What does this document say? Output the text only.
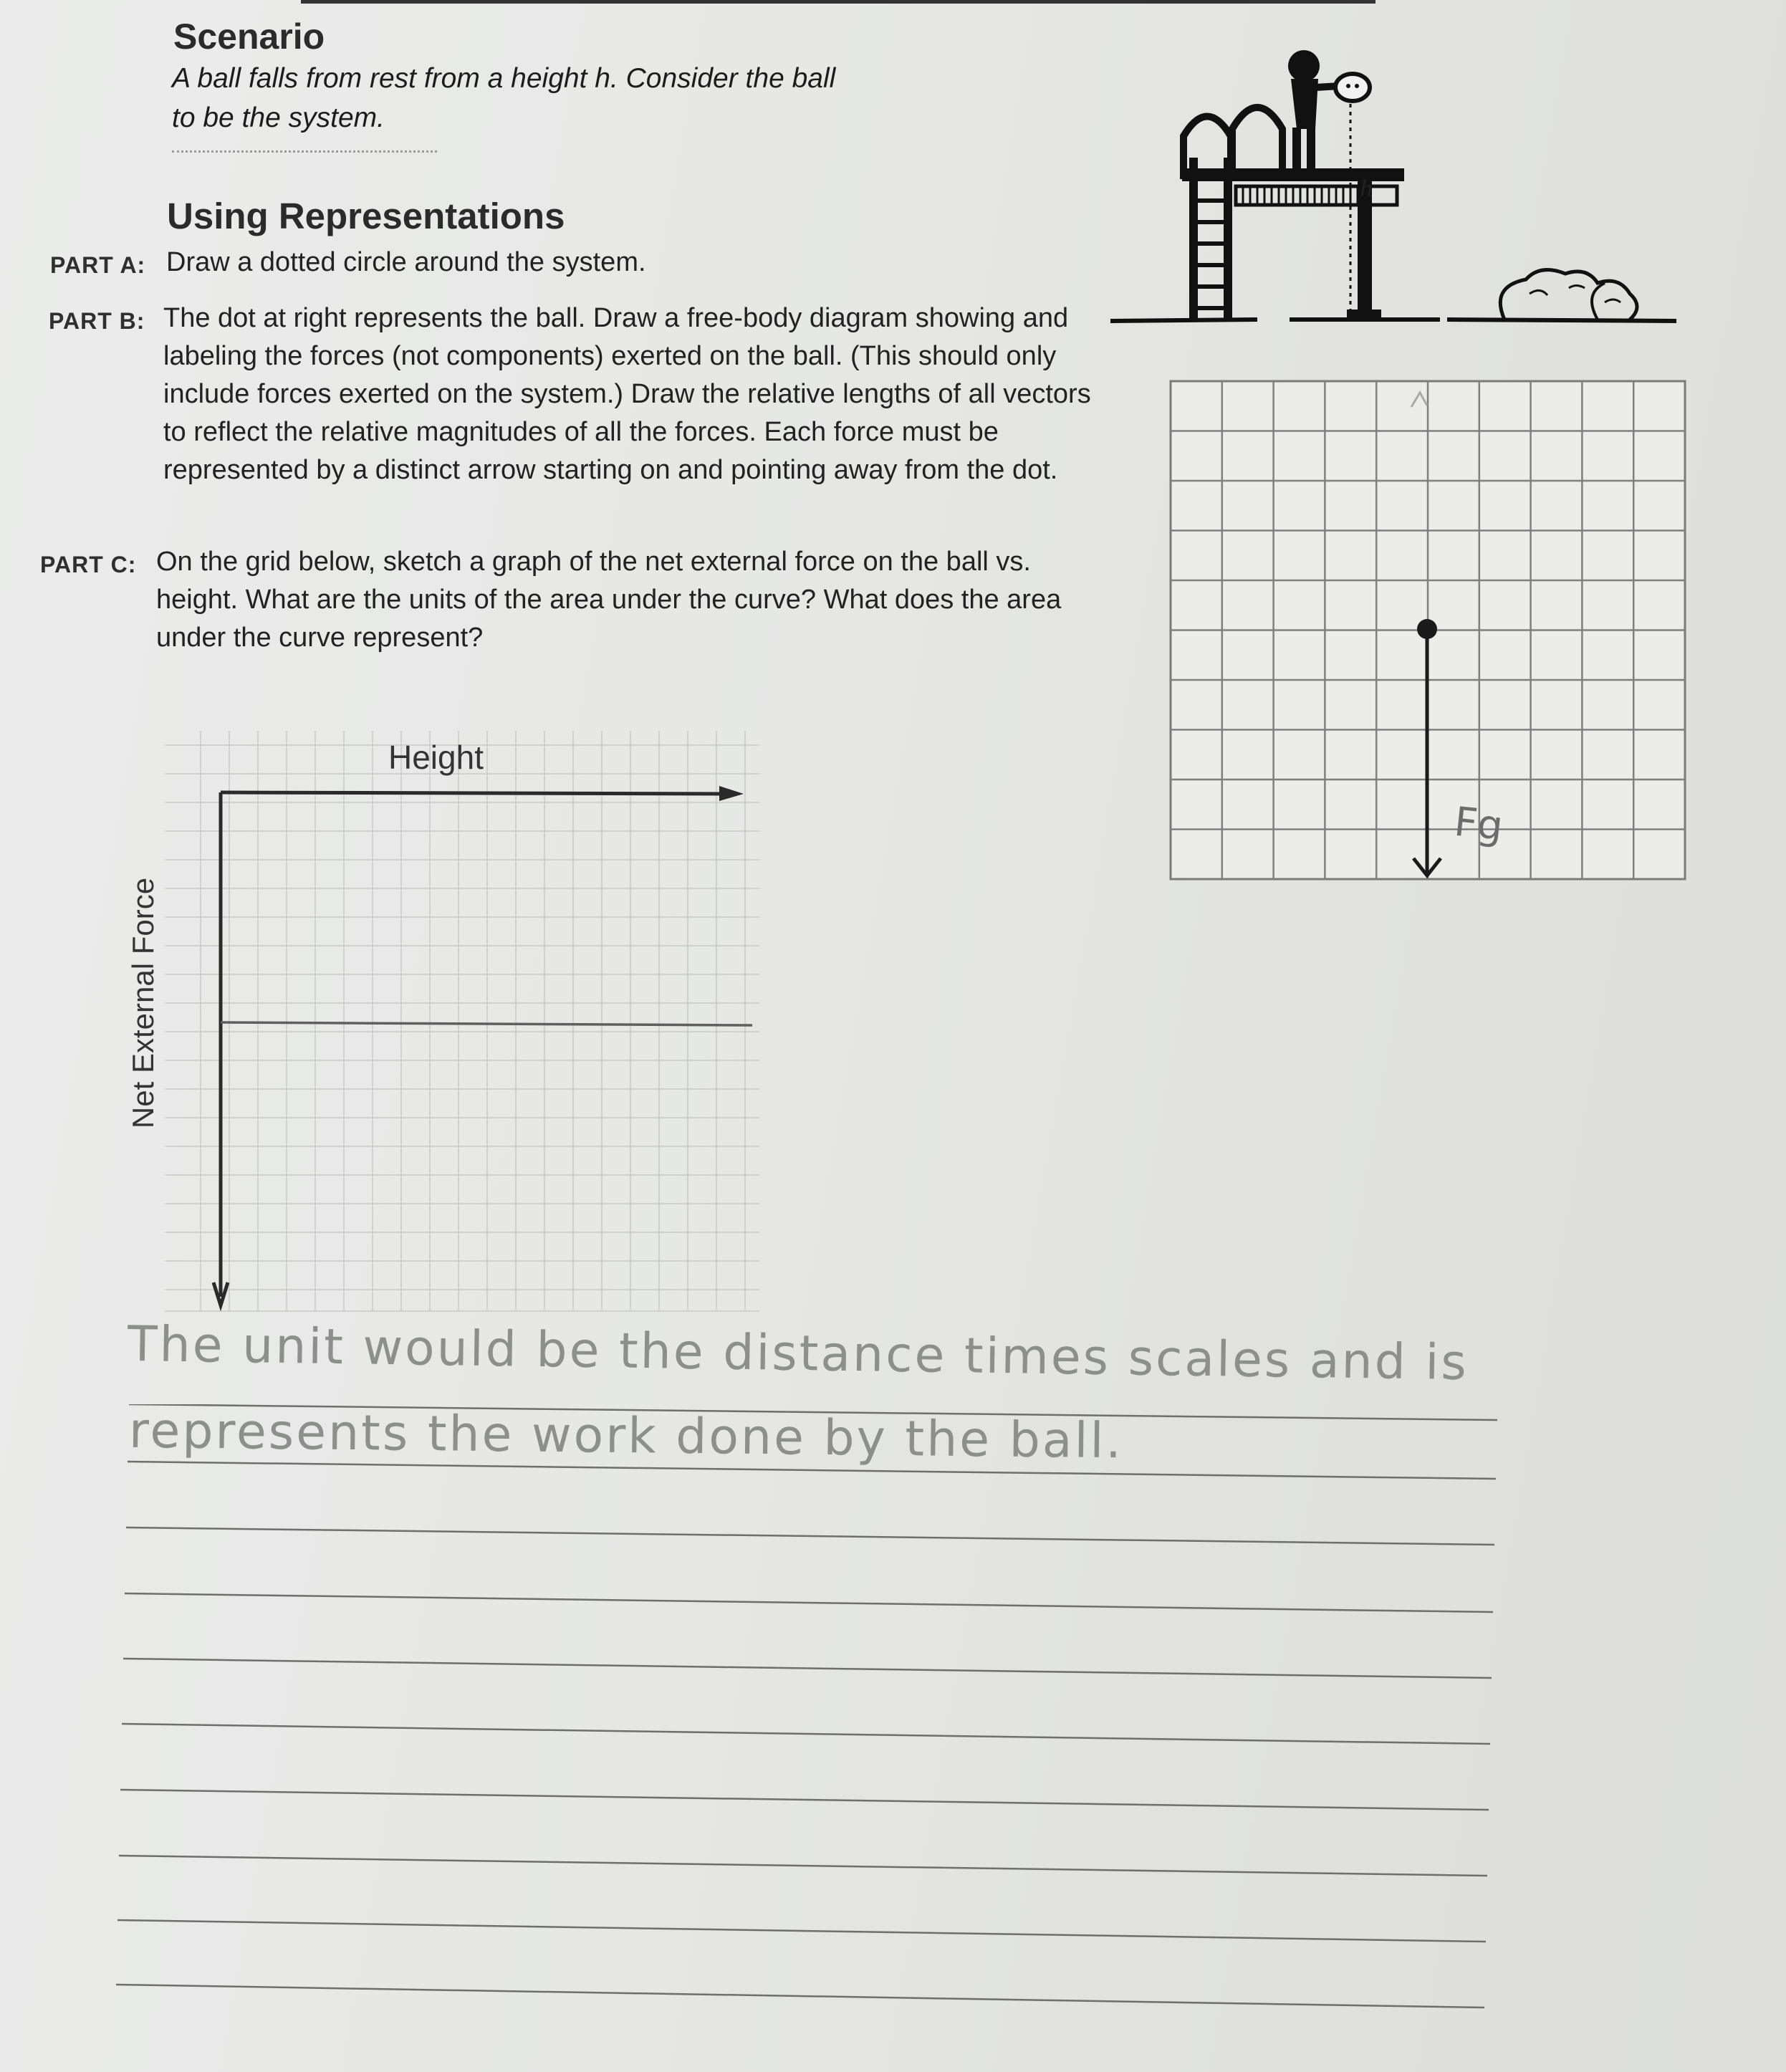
Scenario

A ball falls from rest from a height h. Consider the ball to be the system.

Using Representations
PART A: Draw a dotted circle around the system.

PART B: The dot at right represents the ball. Draw a free-body diagram showing and labeling the forces (not components) exerted on the ball. (This should only include forces exerted on the system.) Draw the relative lengths of all vectors to reflect the relative magnitudes of all the forces. Each force must be represented by a distinct arrow starting on and pointing away from the dot.

PART C: On the grid below, sketch a graph of the net external force on the ball vs. height. What are the units of the area under the curve? What does the area under the curve represent?

h
Fg
Height
Net External Force
The unit would be the distance times scales and is
represents the work done by the ball.
